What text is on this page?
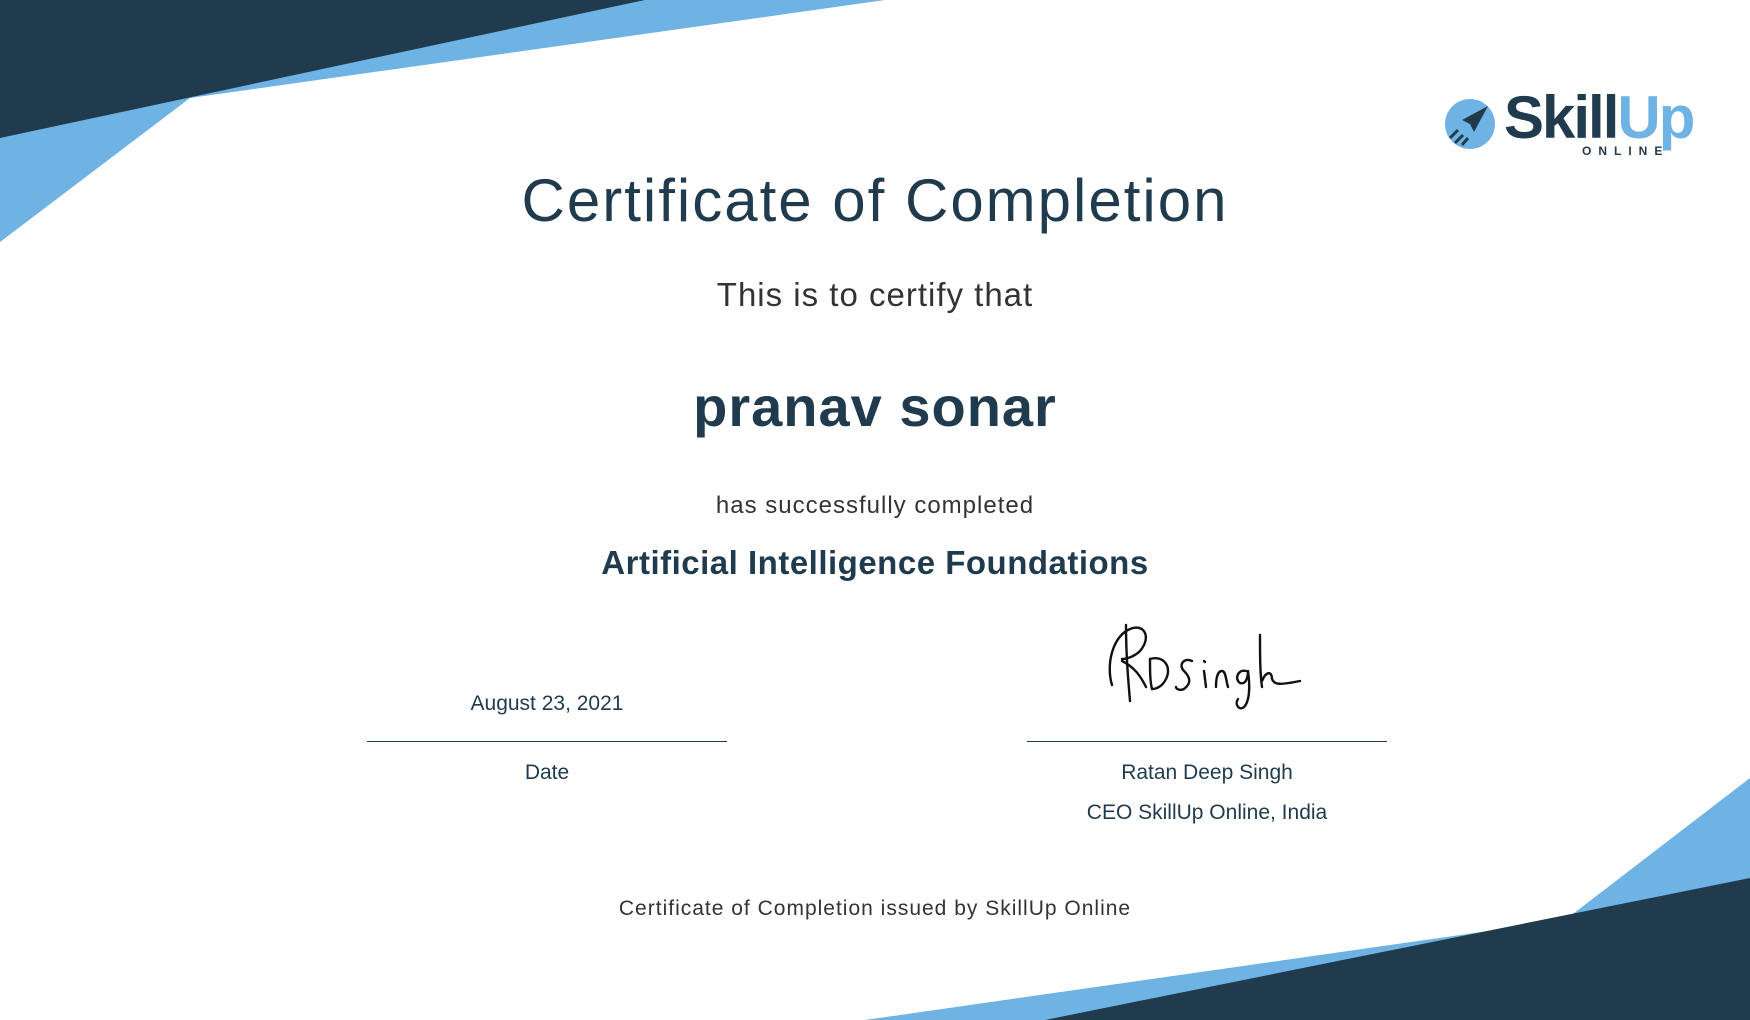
SkillUp
ONLINE
Certificate of Completion
This is to certify that
pranav sonar
has successfully completed
Artificial Intelligence Foundations
August 23, 2021
Date	Ratan Deep Singh
CEO SkillUp Online, India
Certificate of Completion issued by SkillUp Online
